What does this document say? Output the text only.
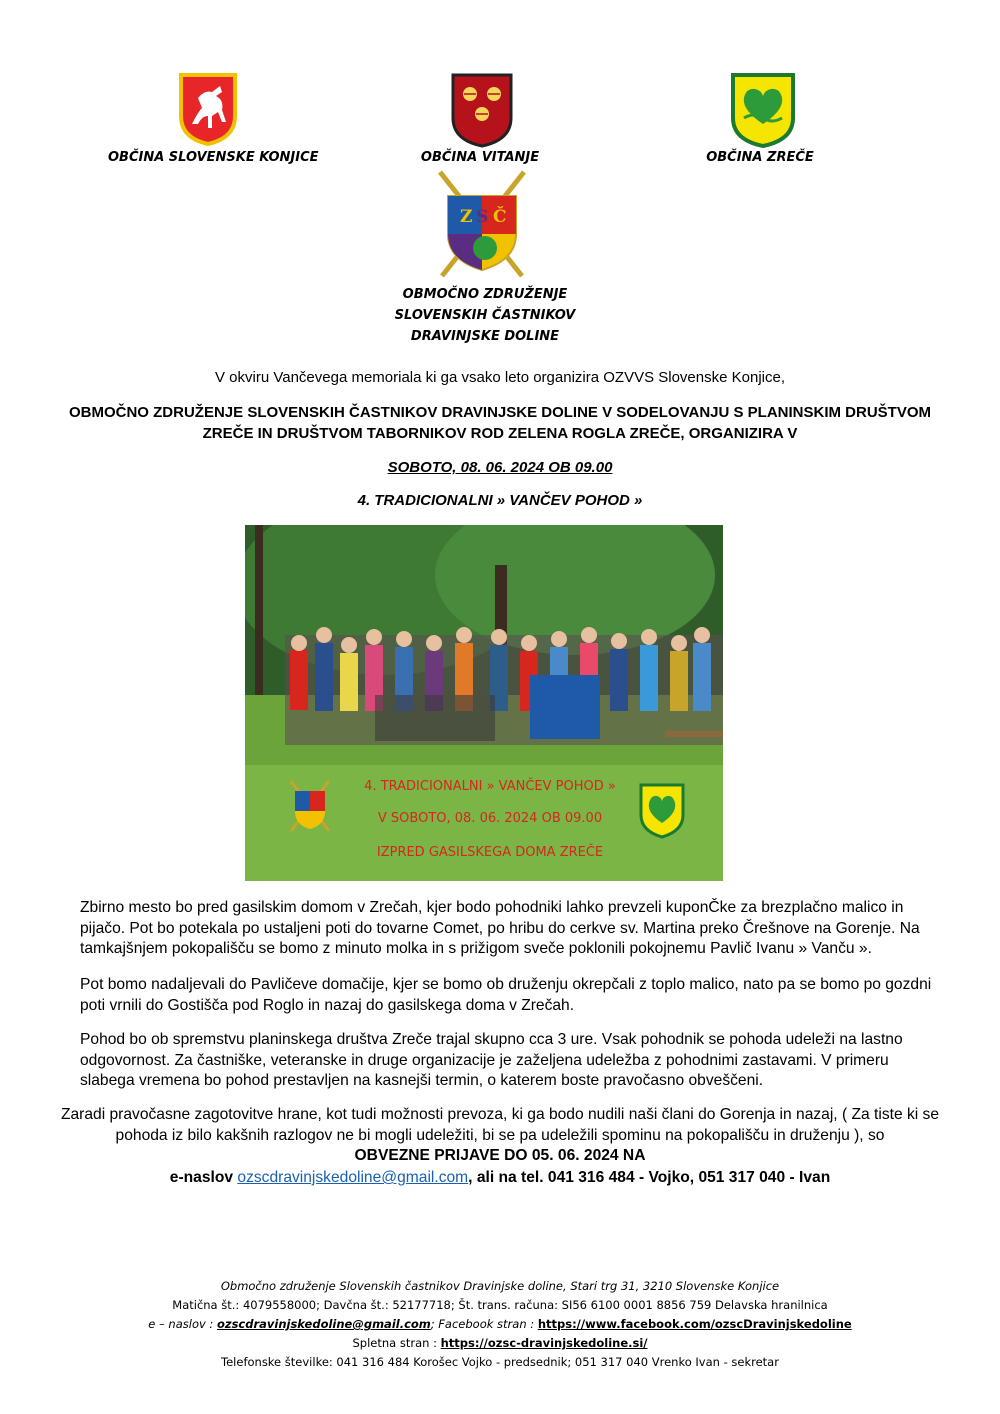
OBČINA SLOVENSKE KONJICE	OBČINA VITANJE	OBČINA ZREČE
Z S Č
OBMOČNO ZDRUŽENJE
SLOVENSKIH ČASTNIKOV
DRAVINJSKE DOLINE
V okviru Vančevega memoriala ki ga vsako leto organizira OZVVS Slovenske Konjice,
OBMOČNO ZDRUŽENJE SLOVENSKIH ČASTNIKOV DRAVINJSKE DOLINE V SODELOVANJU S PLANINSKIM DRUŠTVOM ZREČE IN DRUŠTVOM TABORNIKOV ROD ZELENA ROGLA ZREČE, ORGANIZIRA V
SOBOTO, 08. 06. 2024 OB 09.00
4. TRADICIONALNI » VANČEV POHOD »
4. TRADICIONALNI » VANČEV POHOD »
V SOBOTO, 08. 06. 2024 OB 09.00
IZPRED GASILSKEGA DOMA ZREČE
Zbirno mesto bo pred gasilskim domom v Zrečah, kjer bodo pohodniki lahko prevzeli kuponČke za brezplačno malico in pijačo. Pot bo potekala po ustaljeni poti do tovarne Comet, po hribu do cerkve sv. Martina preko Črešnove na Gorenje. Na tamkajšnjem pokopališču se bomo z minuto molka in s prižigom sveče poklonili pokojnemu Pavlič Ivanu » Vanču ».
Pot bomo nadaljevali do Pavličeve domačije, kjer se bomo ob druženju okrepčali z toplo malico, nato pa se bomo po gozdni poti vrnili do Gostišča pod Roglo in nazaj do gasilskega doma v Zrečah.
Pohod bo ob spremstvu planinskega društva Zreče trajal skupno cca 3 ure. Vsak pohodnik se pohoda udeleži na lastno odgovornost. Za častniške, veteranske in druge organizacije je zaželjena udeležba z pohodnimi zastavami. V primeru slabega vremena bo pohod prestavljen na kasnejši termin, o katerem boste pravočasno obveščeni.
Zaradi pravočasne zagotovitve hrane, kot tudi možnosti prevoza, ki ga bodo nudili naši člani do Gorenja in nazaj, ( Za tiste ki se pohoda iz bilo kakšnih razlogov ne bi mogli udeležiti, bi se pa udeležili spominu na pokopališču in druženju ), so
OBVEZNE PRIJAVE DO 05. 06. 2024 NA
e-naslov ozscdravinjskedoline@gmail.com, ali na tel. 041 316 484 - Vojko, 051 317 040 - Ivan
Območno združenje Slovenskih častnikov Dravinjske doline, Stari trg 31, 3210 Slovenske Konjice
Matična št.: 4079558000; Davčna št.: 52177718; Št. trans. računa: SI56 6100 0001 8856 759 Delavska hranilnica
e – naslov : ozscdravinjskedoline@gmail.com; Facebook stran : https://www.facebook.com/ozscDravinjskedoline
Spletna stran : https://ozsc-dravinjskedoline.si/
Telefonske številke: 041 316 484 Korošec Vojko - predsednik; 051 317 040 Vrenko Ivan - sekretar
